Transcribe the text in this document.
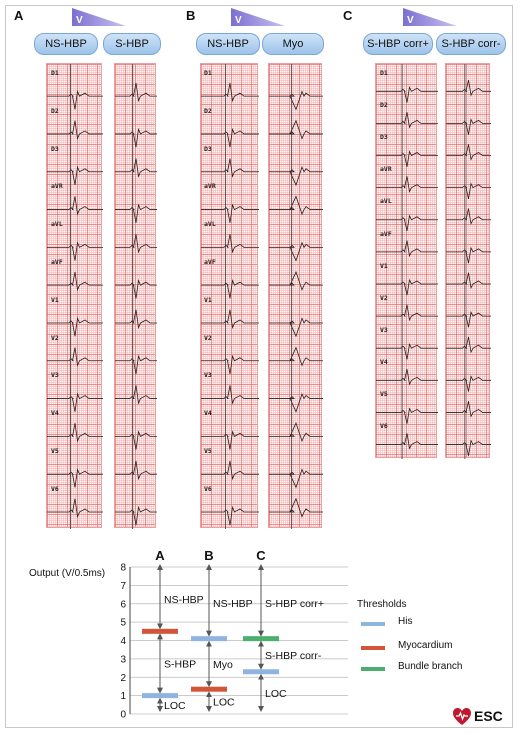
A	V
NS-HBP	S-HBP
D1
D2
D3
aVR
aVL
aVF
V1
V2
V3
V4
V5
V6
B	V
NS-HBP	Myo
D1
D2
D3
aVR
aVL
aVF
V1
V2
V3
V4
V5
V6
C	V
S-HBP corr+	S-HBP corr-
D1
D2
D3
aVR
aVL
aVF
V1
V2
V3
V4
V5
V6
Output (V/0.5ms)
0
1
2
3
4
5
6
7
8
A
NS-HBP
S-HBP
LOC
B
NS-HBP
Myo
LOC
C
S-HBP corr+
S-HBP corr-
LOC
Thresholds
His
Myocardium
Bundle branch
ESC
